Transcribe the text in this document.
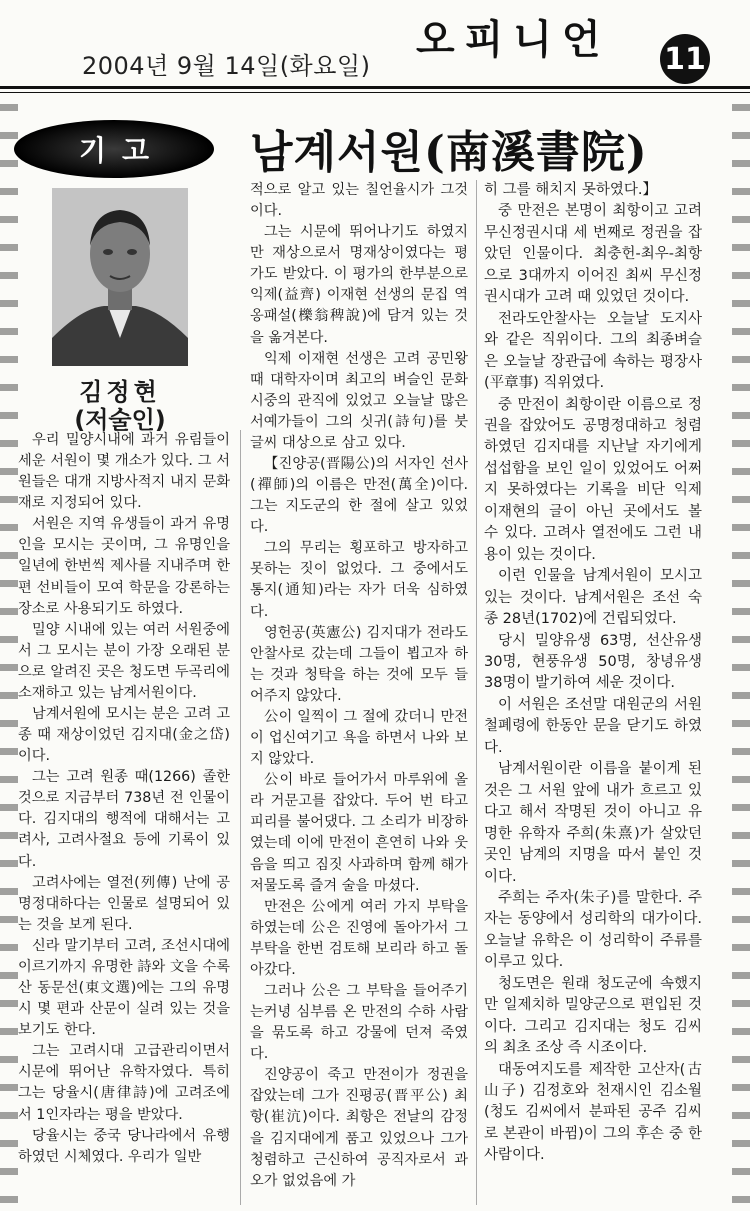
2004년 9월 14일(화요일)
오피니언 11
기고	남계서원(南溪書院)
김정현
(저술인)

우리 밀양시내에 과거 유림들이 세운 서원이 몇 개소가 있다. 그 서원들은 대개 지방사적지 내지 문화재로 지정되어 있다.

서원은 지역 유생들이 과거 유명인을 모시는 곳이며, 그 유명인을 일년에 한번씩 제사를 지내주며 한편 선비들이 모여 학문을 강론하는 장소로 사용되기도 하였다.

밀양 시내에 있는 여러 서원중에서 그 모시는 분이 가장 오래된 분으로 알려진 곳은 청도면 두곡리에 소재하고 있는 남계서원이다.

남계서원에 모시는 분은 고려 고종 때 재상이었던 김지대(金之岱)이다.

그는 고려 원종 때(1266) 졸한 것으로 지금부터 738년 전 인물이다. 김지대의 행적에 대해서는 고려사, 고려사절요 등에 기록이 있다.

고려사에는 열전(列傳) 난에 공명정대하다는 인물로 설명되어 있는 것을 보게 된다.

신라 말기부터 고려, 조선시대에 이르기까지 유명한 詩와 文을 수록산 동문선(東文選)에는 그의 유명 시 몇 편과 산문이 실려 있는 것을 보기도 한다.

그는 고려시대 고급관리이면서 시문에 뛰어난 유학자였다. 특히 그는 당율시(唐律詩)에 고려조에서 1인자라는 평을 받았다.

당율시는 중국 당나라에서 유행하였던 시체였다. 우리가 일반

적으로 알고 있는 칠언율시가 그것이다.

그는 시문에 뛰어나기도 하였지만 재상으로서 명재상이였다는 평가도 받았다. 이 평가의 한부분으로 익제(益齊) 이재현 선생의 문집 역옹패설(櫟翁稗說)에 담겨 있는 것을 옮겨본다.

익제 이재현 선생은 고려 공민왕 때 대학자이며 최고의 벼슬인 문화시중의 관직에 있었고 오늘날 많은 서예가들이 그의 싯귀(詩句)를 붓글씨 대상으로 삼고 있다.

【진양공(晋陽公)의 서자인 선사(禪師)의 이름은 만전(萬全)이다. 그는 지도군의 한 절에 살고 있었다.

그의 무리는 횡포하고 방자하고 못하는 짓이 없었다. 그 중에서도 통지(通知)라는 자가 더욱 심하였다.

영헌공(英憲公) 김지대가 전라도 안찰사로 갔는데 그들이 뵙고자 하는 것과 청탁을 하는 것에 모두 들어주지 않았다.

公이 일찍이 그 절에 갔더니 만전이 업신여기고 욕을 하면서 나와 보지 않았다.

公이 바로 들어가서 마루위에 올라 거문고를 잡았다. 두어 번 타고 피리를 불어댔다. 그 소리가 비장하였는데 이에 만전이 흔연히 나와 웃음을 띄고 짐짓 사과하며 함께 해가 저물도록 즐겨 술을 마셨다.

만전은 公에게 여러 가지 부탁을 하였는데 公은 진영에 돌아가서 그 부탁을 한번 검토해 보리라 하고 돌아갔다.

그러나 公은 그 부탁을 들어주기는커녕 심부름 온 만전의 수하 사람을 묶도록 하고 강물에 던져 죽였다.

진양공이 죽고 만전이가 정권을 잡았는데 그가 진평공(晋平公) 최항(崔沆)이다. 최항은 전날의 감정을 김지대에게 품고 있었으나 그가 청렴하고 근신하여 공직자로서 과오가 없었음에 가

히 그를 해치지 못하였다.】

중 만전은 본명이 최항이고 고려 무신정권시대 세 번째로 정권을 잡았던 인물이다. 최충헌-최우-최항으로 3대까지 이어진 최씨 무신정권시대가 고려 때 있었던 것이다.

전라도안찰사는 오늘날 도지사와 같은 직위이다. 그의 최종벼슬은 오늘날 장관급에 속하는 평장사(平章事) 직위였다.

중 만전이 최항이란 이름으로 정권을 잡았어도 공명정대하고 청렴하였던 김지대를 지난날 자기에게 섭섭함을 보인 일이 있었어도 어쩌지 못하였다는 기록을 비단 익제 이재현의 글이 아닌 곳에서도 볼 수 있다. 고려사 열전에도 그런 내용이 있는 것이다.

이런 인물을 남계서원이 모시고 있는 것이다. 남계서원은 조선 숙종 28년(1702)에 건립되었다.

당시 밀양유생 63명, 선산유생 30명, 현풍유생 50명, 창녕유생 38명이 발기하여 세운 것이다.

이 서원은 조선말 대원군의 서원철폐령에 한동안 문을 닫기도 하였다.

남계서원이란 이름을 붙이게 된 것은 그 서원 앞에 내가 흐르고 있다고 해서 작명된 것이 아니고 유명한 유학자 주희(朱熹)가 살았던 곳인 남계의 지명을 따서 붙인 것이다.

주희는 주자(朱子)를 말한다. 주자는 동양에서 성리학의 대가이다. 오늘날 유학은 이 성리학이 주류를 이루고 있다.

청도면은 원래 청도군에 속했지만 일제치하 밀양군으로 편입된 것이다. 그리고 김지대는 청도 김씨의 최초 조상 즉 시조이다.

대동여지도를 제작한 고산자(古山子) 김정호와 천재시인 김소월(청도 김씨에서 분파된 공주 김씨로 본관이 바뀜)이 그의 후손 중 한사람이다.
